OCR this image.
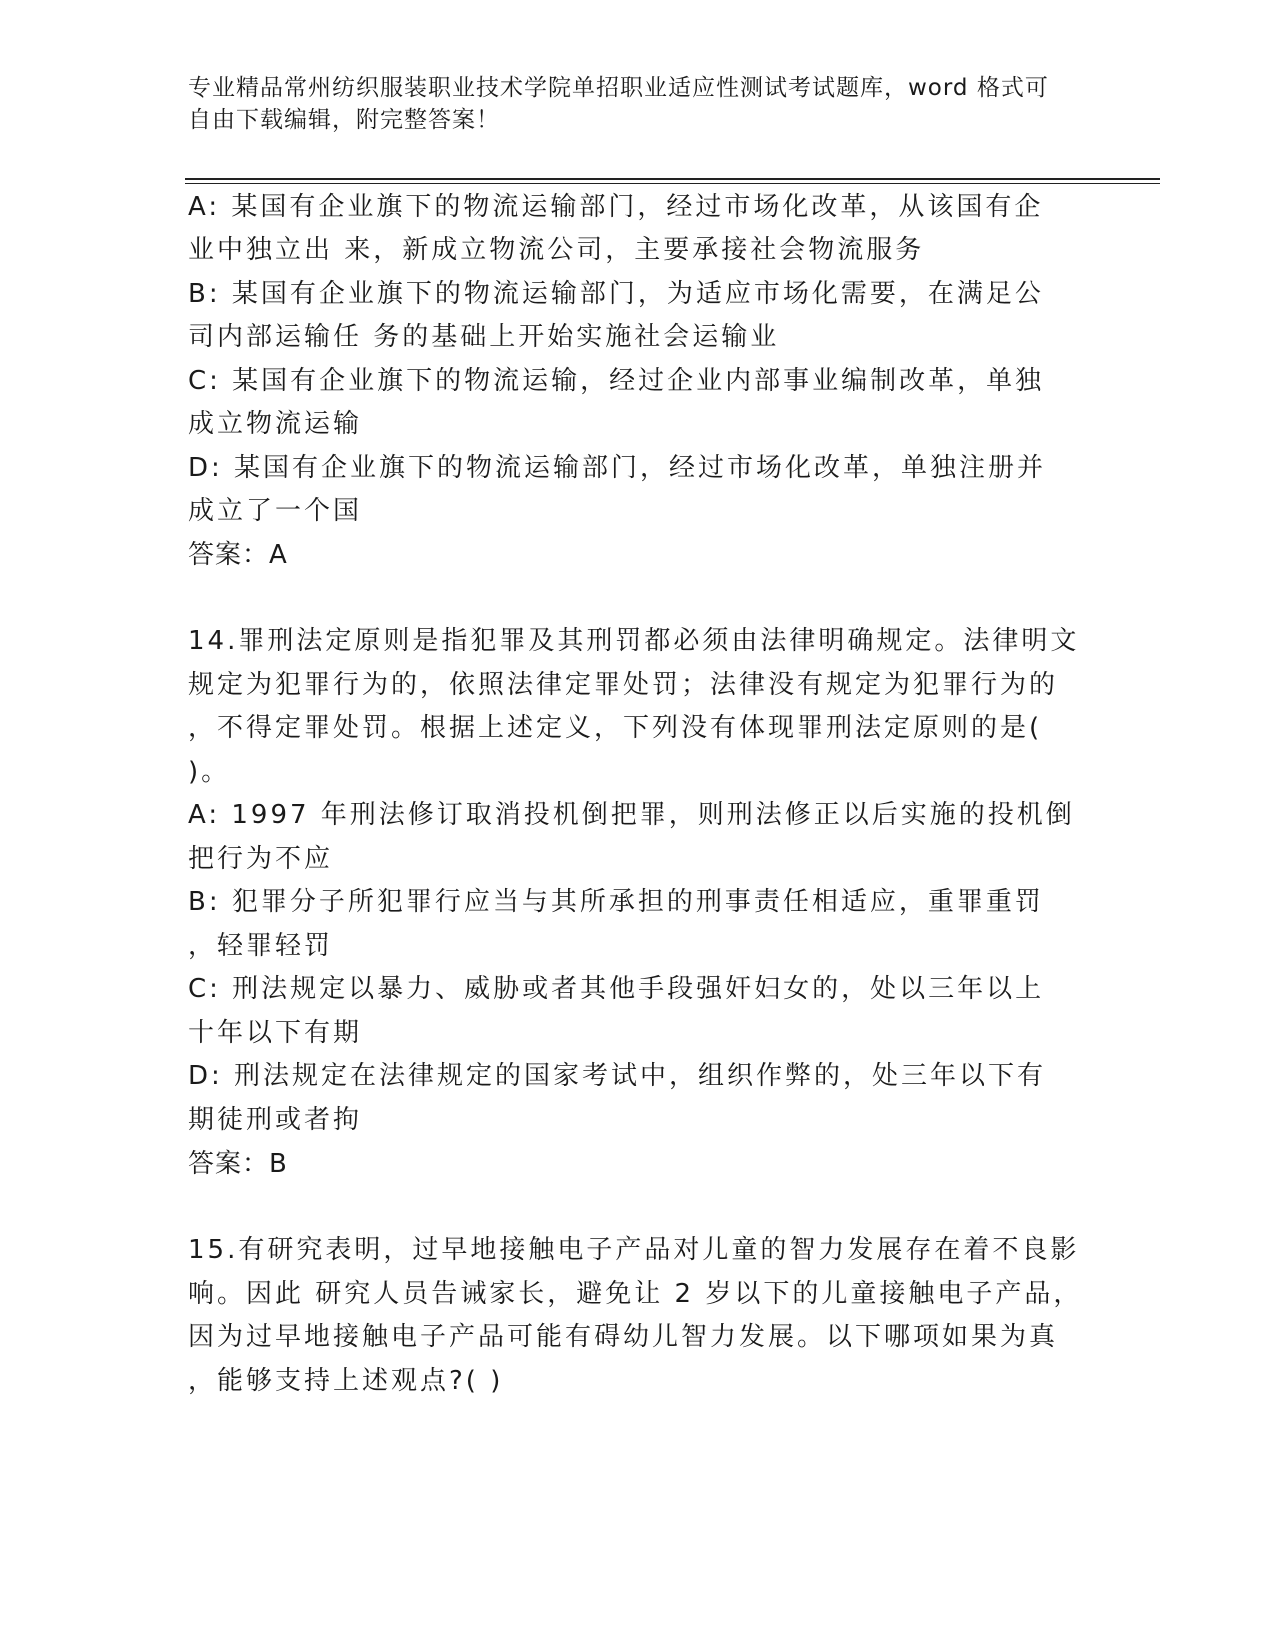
专业精品常州纺织服装职业技术学院单招职业适应性测试考试题库，word 格式可
自由下载编辑，附完整答案！
A: 某国有企业旗下的物流运输部门，经过市场化改革，从该国有企
业中独立出 来，新成立物流公司，主要承接社会物流服务
B: 某国有企业旗下的物流运输部门，为适应市场化需要，在满足公
司内部运输任 务的基础上开始实施社会运输业
C: 某国有企业旗下的物流运输，经过企业内部事业编制改革，单独
成立物流运输
D: 某国有企业旗下的物流运输部门，经过市场化改革，单独注册并
成立了一个国
答案：A
14.罪刑法定原则是指犯罪及其刑罚都必须由法律明确规定。法律明文
规定为犯罪行为的，依照法律定罪处罚；法律没有规定为犯罪行为的
，不得定罪处罚。根据上述定义，下列没有体现罪刑法定原则的是(
)。
A: 1997 年刑法修订取消投机倒把罪，则刑法修正以后实施的投机倒
把行为不应
B: 犯罪分子所犯罪行应当与其所承担的刑事责任相适应，重罪重罚
，轻罪轻罚
C: 刑法规定以暴力、威胁或者其他手段强奸妇女的，处以三年以上
十年以下有期
D: 刑法规定在法律规定的国家考试中，组织作弊的，处三年以下有
期徒刑或者拘
答案：B
15.有研究表明，过早地接触电子产品对儿童的智力发展存在着不良影
响。因此 研究人员告诫家长，避免让 2 岁以下的儿童接触电子产品，
因为过早地接触电子产品可能有碍幼儿智力发展。以下哪项如果为真
，能够支持上述观点?( )
